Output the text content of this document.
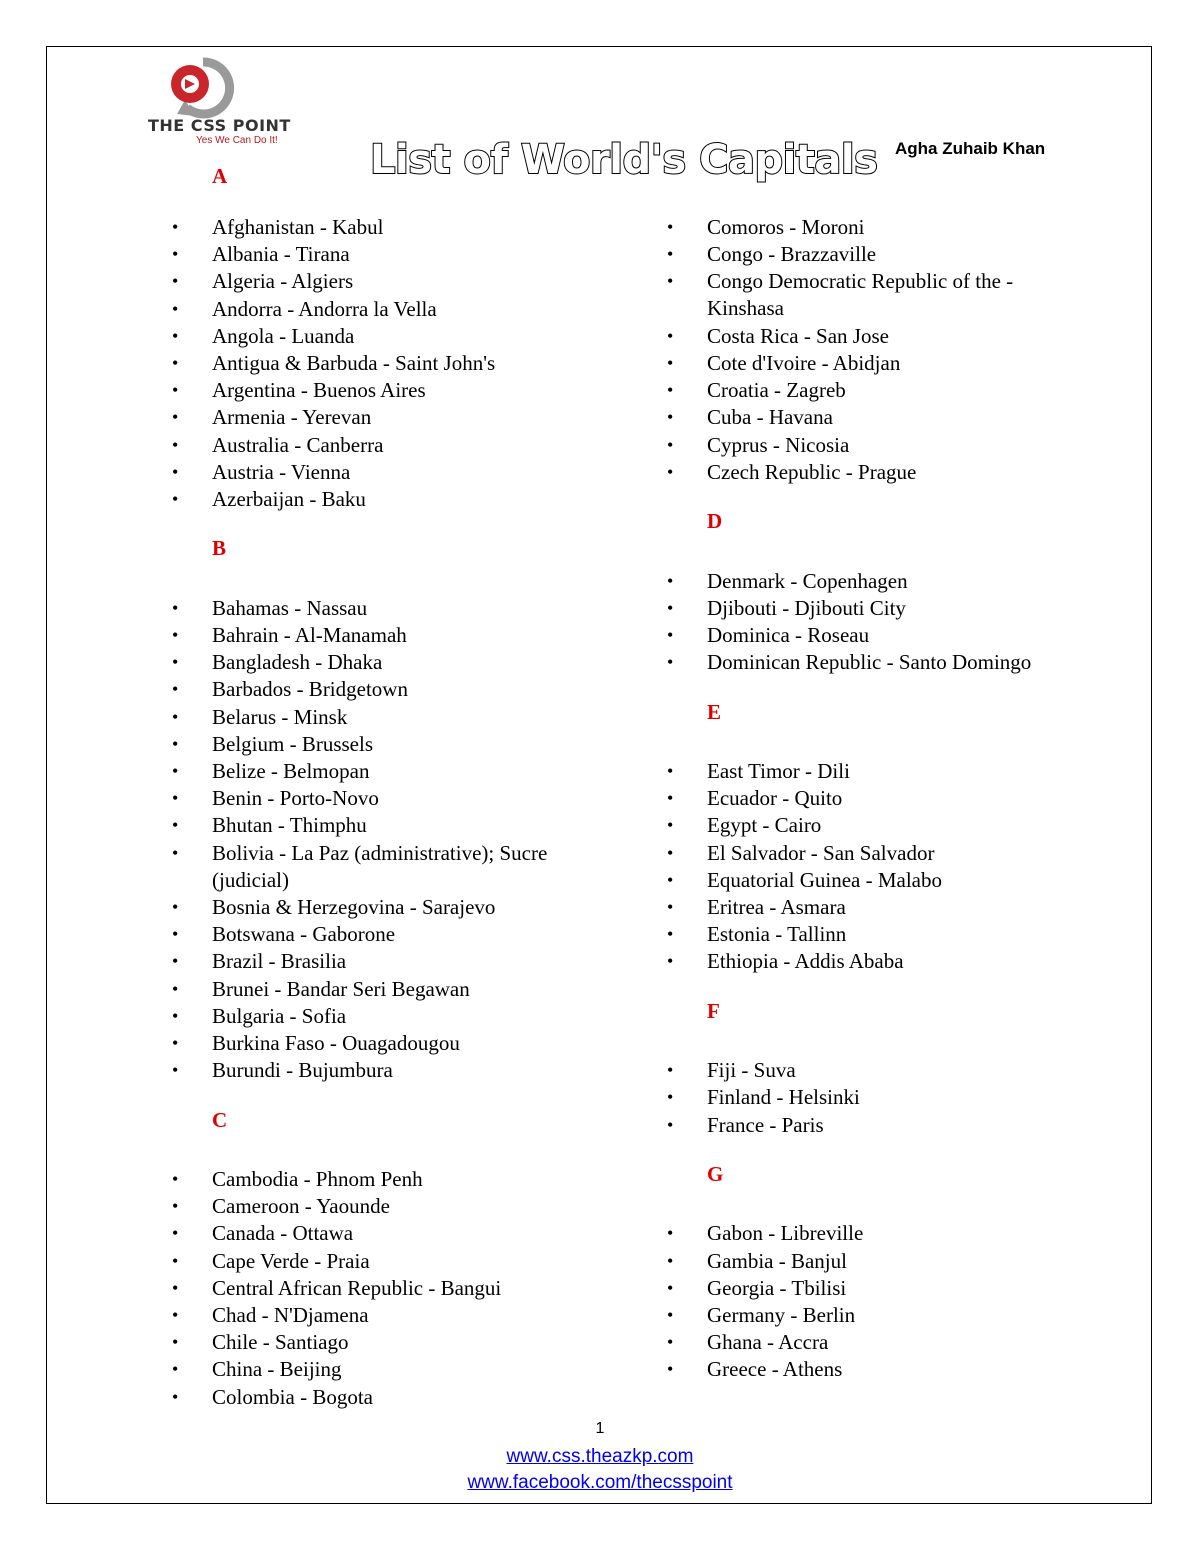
THE CSS POINT
Yes We Can Do It! List of World's Capitals Agha Zuhaib Khan
A
• Afghanistan - Kabul
• Albania - Tirana
• Algeria - Algiers
• Andorra - Andorra la Vella
• Angola - Luanda
• Antigua & Barbuda - Saint John's
• Argentina - Buenos Aires
• Armenia - Yerevan
• Australia - Canberra
• Austria - Vienna
• Azerbaijan - Baku
B
• Bahamas - Nassau
• Bahrain - Al-Manamah
• Bangladesh - Dhaka
• Barbados - Bridgetown
• Belarus - Minsk
• Belgium - Brussels
• Belize - Belmopan
• Benin - Porto-Novo
• Bhutan - Thimphu
• Bolivia - La Paz (administrative); Sucre (judicial)
• Bosnia & Herzegovina - Sarajevo
• Botswana - Gaborone
• Brazil - Brasilia
• Brunei - Bandar Seri Begawan
• Bulgaria - Sofia
• Burkina Faso - Ouagadougou
• Burundi - Bujumbura
C
• Cambodia - Phnom Penh
• Cameroon - Yaounde
• Canada - Ottawa
• Cape Verde - Praia
• Central African Republic - Bangui
• Chad - N'Djamena
• Chile - Santiago
• China - Beijing
• Colombia - Bogota
• Comoros - Moroni
• Congo - Brazzaville
• Congo Democratic Republic of the - Kinshasa
• Costa Rica - San Jose
• Cote d'Ivoire - Abidjan
• Croatia - Zagreb
• Cuba - Havana
• Cyprus - Nicosia
• Czech Republic - Prague
D
• Denmark - Copenhagen
• Djibouti - Djibouti City
• Dominica - Roseau
• Dominican Republic - Santo Domingo
E
• East Timor - Dili
• Ecuador - Quito
• Egypt - Cairo
• El Salvador - San Salvador
• Equatorial Guinea - Malabo
• Eritrea - Asmara
• Estonia - Tallinn
• Ethiopia - Addis Ababa
F
• Fiji - Suva
• Finland - Helsinki
• France - Paris
G
• Gabon - Libreville
• Gambia - Banjul
• Georgia - Tbilisi
• Germany - Berlin
• Ghana - Accra
• Greece - Athens
1
www.css.theazkp.com
www.facebook.com/thecsspoint
